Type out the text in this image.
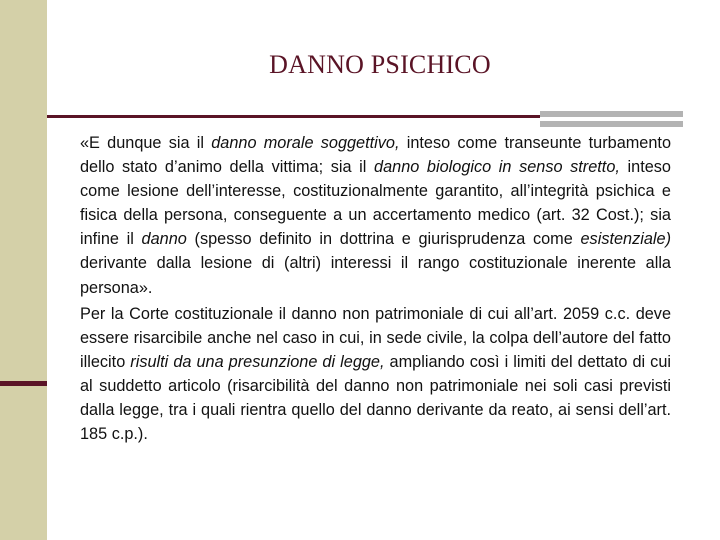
DANNO PSICHICO

«E dunque sia il danno morale soggettivo, inteso come transeunte turbamento dello stato d’animo della vittima; sia il danno biologico in senso stretto, inteso come lesione dell’interesse, costituzionalmente garantito, all’integrità psichica e fisica della persona, conseguente a un accertamento medico (art. 32 Cost.); sia infine il danno (spesso definito in dottrina e giurisprudenza come esistenziale) derivante dalla lesione di (altri) interessi il rango costituzionale inerente alla persona».

Per la Corte costituzionale il danno non patrimoniale di cui all’art. 2059 c.c. deve essere risarcibile anche nel caso in cui, in sede civile, la colpa dell’autore del fatto illecito risulti da una presunzione di legge, ampliando così i limiti del dettato di cui al suddetto articolo (risarcibilità del danno non patrimoniale nei soli casi previsti dalla legge, tra i quali rientra quello del danno derivante da reato, ai sensi dell’art. 185 c.p.).
